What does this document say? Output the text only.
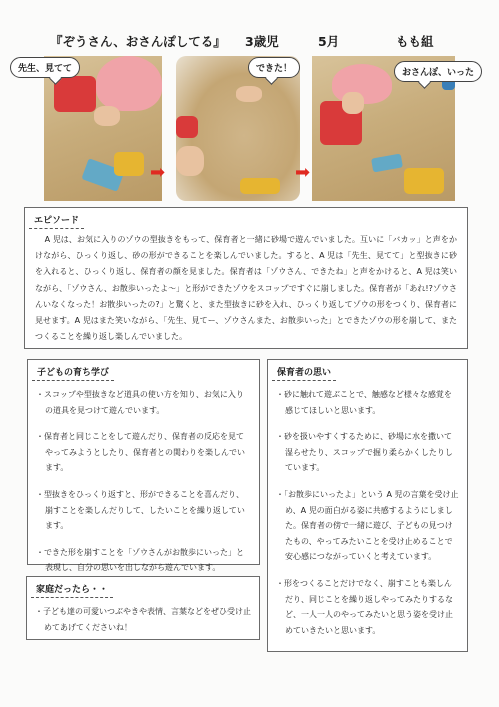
『ぞうさん、おさんぽしてる』 3歳児	5月	もも組
先生、見てて
➡
できた！
➡
おさんぽ、いった
エピソード
A 児は、お気に入りのゾウの型抜きをもって、保育者と一緒に砂場で遊んでいました。互いに「バカッ」と声をかけながら、ひっくり返し、砂の形ができることを楽しんでいました。すると、A 児は「先生、見てて」と型抜きに砂を入れると、ひっくり返し、保育者の顔を見ました。保育者は「ゾウさん、できたね」と声をかけると、A 児は笑いながら、「ゾウさん、お散歩いったよ～」と形ができたゾウをスコップですぐに崩しました。保育者が「あれ!?ゾウさんいなくなった！お散歩いったの?」と驚くと、また型抜きに砂を入れ、ひっくり返してゾウの形をつくり、保育者に見せます。A 児はまた笑いながら、「先生、見てー、ゾウさんまた、お散歩いった」とできたゾウの形を崩して、またつくることを繰り返し楽しんでいました。
子どもの育ち学び
・スコップや型抜きなど道具の使い方を知り、お気に入りの道具を見つけて遊んでいます。
・保育者と同じことをして遊んだり、保育者の反応を見てやってみようとしたり、保育者との関わりを楽しんでいます。
・型抜きをひっくり返すと、形ができることを喜んだり、崩すことを楽しんだりして、したいことを繰り返しています。
・できた形を崩すことを「ゾウさんがお散歩にいった」と表現し、自分の思いを出しながら遊んでいます。
家庭だったら・・
・子ども達の可愛いつぶやきや表情、言葉などをぜひ受け止めてあげてくださいね！
保育者の思い
・砂に触れて遊ぶことで、触感など様々な感覚を感じてほしいと思います。
・砂を扱いやすくするために、砂場に水を撒いて湿らせたり、スコップで掘り柔らかくしたりしています。
・「お散歩にいったよ」という A 児の言葉を受け止め、A 児の面白がる姿に共感するようにしました。保育者の傍で一緒に遊び、子どもの見つけたもの、やってみたいことを受け止めることで安心感につながっていくと考えています。
・形をつくることだけでなく、崩すことも楽しんだり、同じことを繰り返しやってみたりするなど、一人一人のやってみたいと思う姿を受け止めていきたいと思います。
